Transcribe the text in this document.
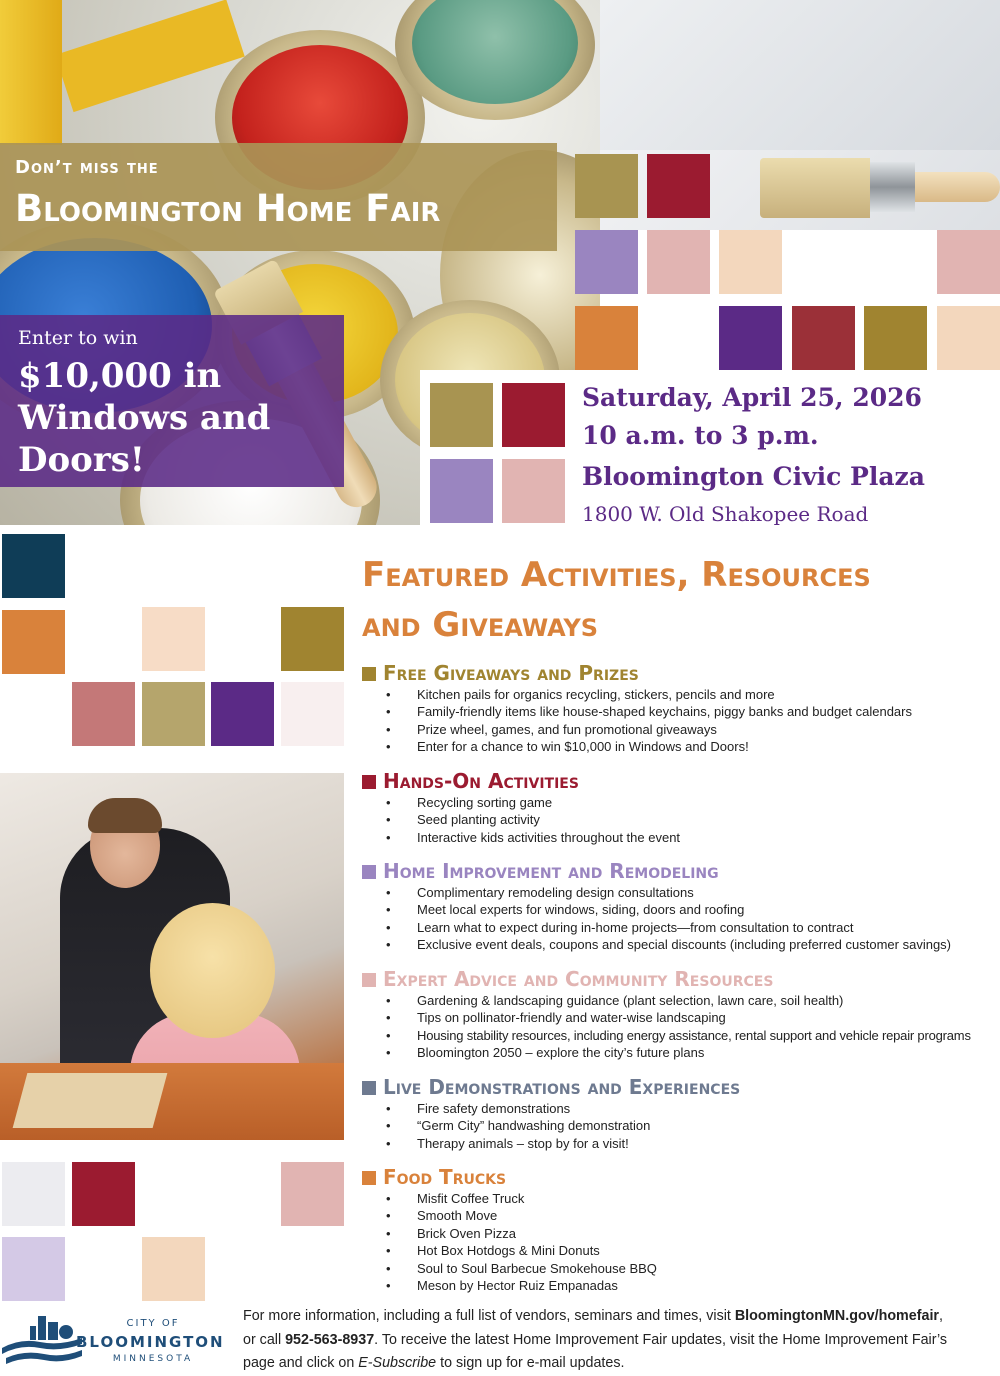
Don’t miss the
Bloomington Home Fair
Enter to win
$10,000 in
Windows and
Doors!
Saturday, April 25, 2026
10 a.m. to 3 p.m.
Bloomington Civic Plaza
1800 W. Old Shakopee Road
Featured Activities, Resources
and Giveaways
Free Giveaways and Prizes
• Kitchen pails for organics recycling, stickers, pencils and more
• Family-friendly items like house-shaped keychains, piggy banks and budget calendars
• Prize wheel, games, and fun promotional giveaways
• Enter for a chance to win $10,000 in Windows and Doors!
Hands-On Activities
• Recycling sorting game
• Seed planting activity
• Interactive kids activities throughout the event
Home Improvement and Remodeling
• Complimentary remodeling design consultations
• Meet local experts for windows, siding, doors and roofing
• Learn what to expect during in-home projects—from consultation to contract
• Exclusive event deals, coupons and special discounts (including preferred customer savings)
Expert Advice and Community Resources
• Gardening & landscaping guidance (plant selection, lawn care, soil health)
• Tips on pollinator-friendly and water-wise landscaping
• Housing stability resources, including energy assistance, rental support and vehicle repair programs
• Bloomington 2050 – explore the city’s future plans
Live Demonstrations and Experiences
• Fire safety demonstrations
• “Germ City” handwashing demonstration
• Therapy animals – stop by for a visit!
Food Trucks
• Misfit Coffee Truck
• Smooth Move
• Brick Oven Pizza
• Hot Box Hotdogs & Mini Donuts
• Soul to Soul Barbecue Smokehouse BBQ
• Meson by Hector Ruiz Empanadas
CITY OF
BLOOMINGTON
MINNESOTA
For more information, including a full list of vendors, seminars and times, visit BloomingtonMN.gov/homefair,
or call 952-563-8937. To receive the latest Home Improvement Fair updates, visit the Home Improvement Fair’s
page and click on E-Subscribe to sign up for e-mail updates.
